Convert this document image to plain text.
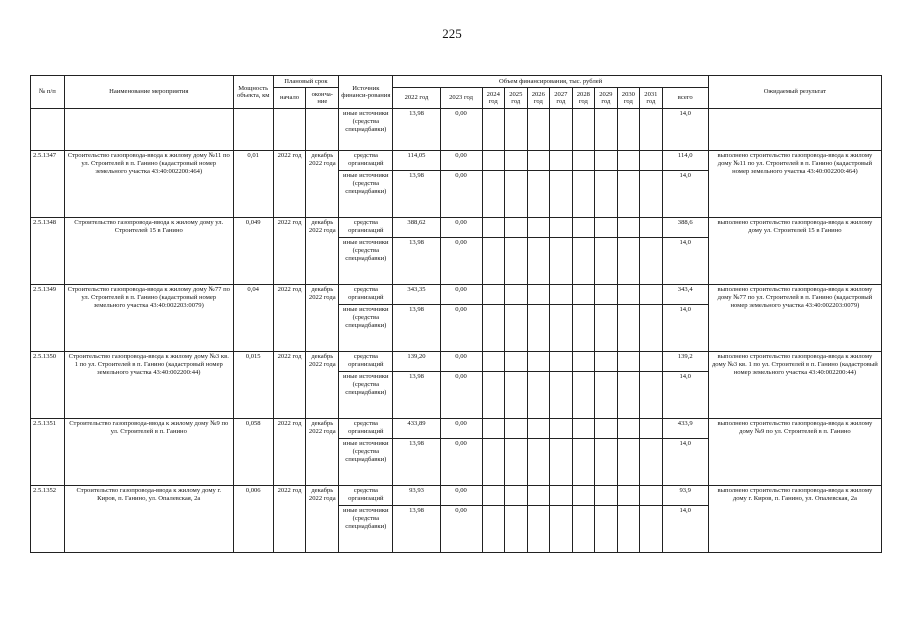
225
№ п/п	Наименование мероприятия	Мощность объекта, км	Плановый срок		Источник финанси-рования	Объем финансирования, тыс. рублей											Ожидаемый результат
			начало	оконча-ние		2022 год	2023 год	2024 год	2025 год	2026 год	2027 год	2028 год	2029 год	2030 год	2031 год	всего	
					иные источники (средства спецнадбавки)	13,98	0,00									14,0	
2.5.1347	Строительство газопровода-ввода к жилому дому №11 по ул. Строителей в п. Ганино (кадастровый номер земельного участка 43:40:002200:464)	0,01	2022 год	декабрь 2022 года	средства организаций	114,05	0,00									114,0	выполнено строительство газопровода-ввода к жилому дому №11 по ул. Строителей в п. Ганино (кадастровый номер земельного участка 43:40:002200:464)
					иные источники (средства спецнадбавки)	13,98	0,00									14,0	
2.5.1348	Строительство газопровода-ввода к жилому дому ул. Строителей 15 в Ганино	0,049	2022 год	декабрь 2022 года	средства организаций	388,62	0,00									388,6	выполнено строительство газопровода-ввода к жилому дому ул. Строителей 15 в Ганино
					иные источники (средства спецнадбавки)	13,98	0,00									14,0	
2.5.1349	Строительство газопровода-ввода к жилому дому №77 по ул. Строителей в п. Ганино (кадастровый номер земельного участка 43:40:002203:0079)	0,04	2022 год	декабрь 2022 года	средства организаций	343,35	0,00									343,4	выполнено строительство газопровода-ввода к жилому дому №77 по ул. Строителей в п. Ганино (кадастровый номер земельного участка 43:40:002203:0079)
					иные источники (средства спецнадбавки)	13,98	0,00									14,0	
2.5.1350	Строительство газопровода-ввода к жилому дому №3 кв. 1 по ул. Строителей в п. Ганино (кадастровый номер земельного участка 43:40:002200:44)	0,015	2022 год	декабрь 2022 года	средства организаций	139,20	0,00									139,2	выполнено строительство газопровода-ввода к жилому дому №3 кв. 1 по ул. Строителей в п. Ганино (кадастровый номер земельного участка 43:40:002200:44)
					иные источники (средства спецнадбавки)	13,98	0,00									14,0	
2.5.1351	Строительство газопровода-ввода к жилому дому №9 по ул. Строителей в п. Ганино	0,058	2022 год	декабрь 2022 года	средства организаций	433,89	0,00									433,9	выполнено строительство газопровода-ввода к жилому дому №9 по ул. Строителей в п. Ганино
					иные источники (средства спецнадбавки)	13,98	0,00									14,0	
2.5.1352	Строительство газопровода-ввода к жилому дому г. Киров, п. Ганино, ул. Опалевская, 2а	0,006	2022 год	декабрь 2022 года	средства организаций	93,93	0,00									93,9	выполнено строительство газопровода-ввода к жилому дому г. Киров, п. Ганино, ул. Опалевская, 2а
					иные источники (средства спецнадбавки)	13,98	0,00									14,0	
